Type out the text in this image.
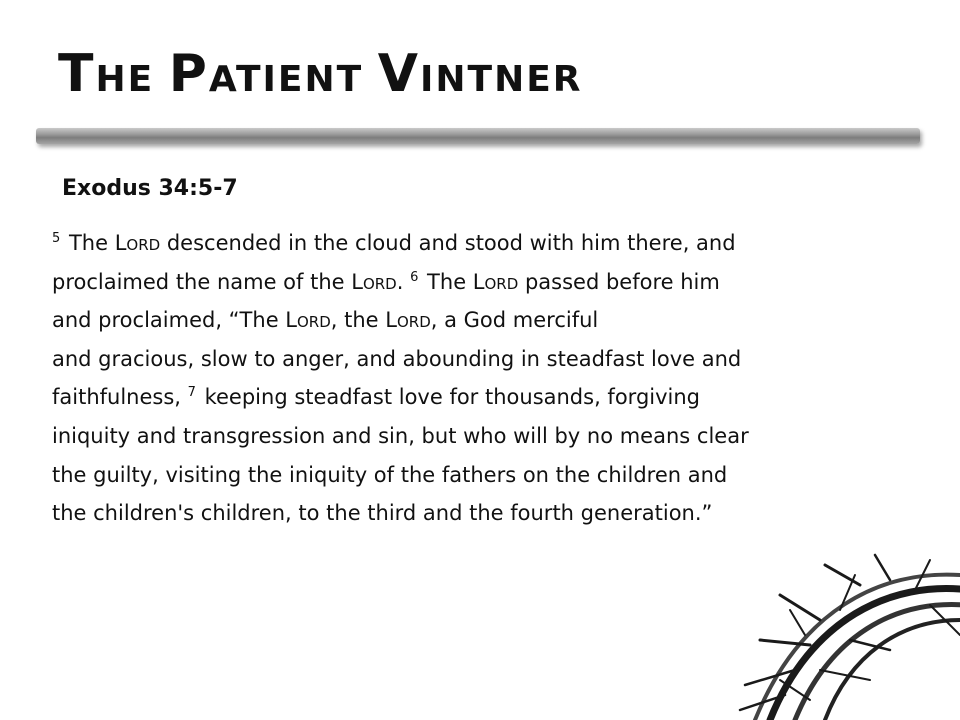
THE PATIENT VINTNER
Exodus 34:5-7
$^5$ The LORD descended in the cloud and stood with him there, and
proclaimed the name of the LORD. $^6$ The LORD passed before him
and proclaimed, “The LORD, the LORD, a God merciful
and gracious, slow to anger, and abounding in steadfast love and
faithfulness, $^7$ keeping steadfast love for thousands, forgiving
iniquity and transgression and sin, but who will by no means clear
the guilty, visiting the iniquity of the fathers on the children and
the children's children, to the third and the fourth generation.”
